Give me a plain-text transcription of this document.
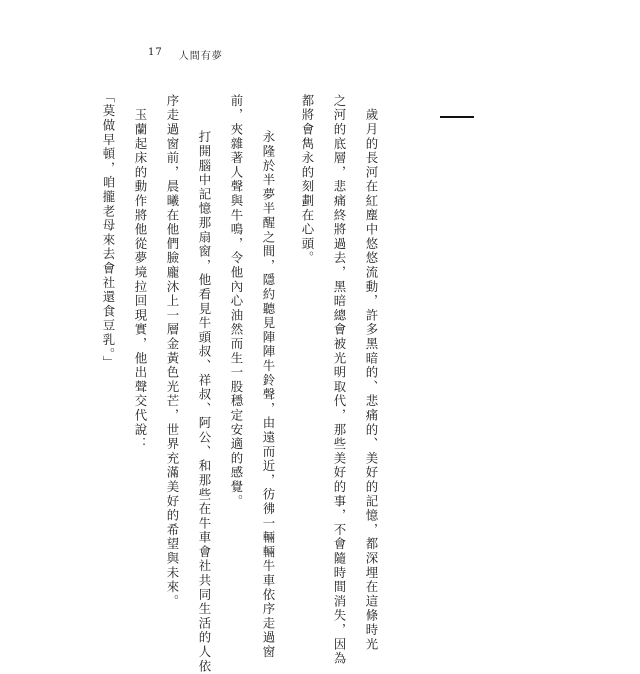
17 人間有夢
　歲月的長河在紅塵中悠悠流動，許多黑暗的、悲痛的、美好的記憶，都深埋在這條時光
之河的底層，悲痛終將過去，黑暗總會被光明取代，那些美好的事，不會隨時間消失，因為
都將會雋永的刻劃在心頭。
　永隆於半夢半醒之間，隱約聽見陣陣牛鈴聲，由遠而近，彷彿一輛輛牛車依序走過窗
前，夾雜著人聲與牛鳴，令他內心油然而生一股穩定安適的感覺。
　打開腦中記憶那扇窗，他看見牛頭叔、祥叔、阿公、和那些在牛車會社共同生活的人依
序走過窗前，晨曦在他們臉龐沐上一層金黃色光芒，世界充滿美好的希望與未來。
　玉蘭起床的動作將他從夢境拉回現實，他出聲交代說：
「莫做早頓，咱攏老母來去會社還食豆乳。」
